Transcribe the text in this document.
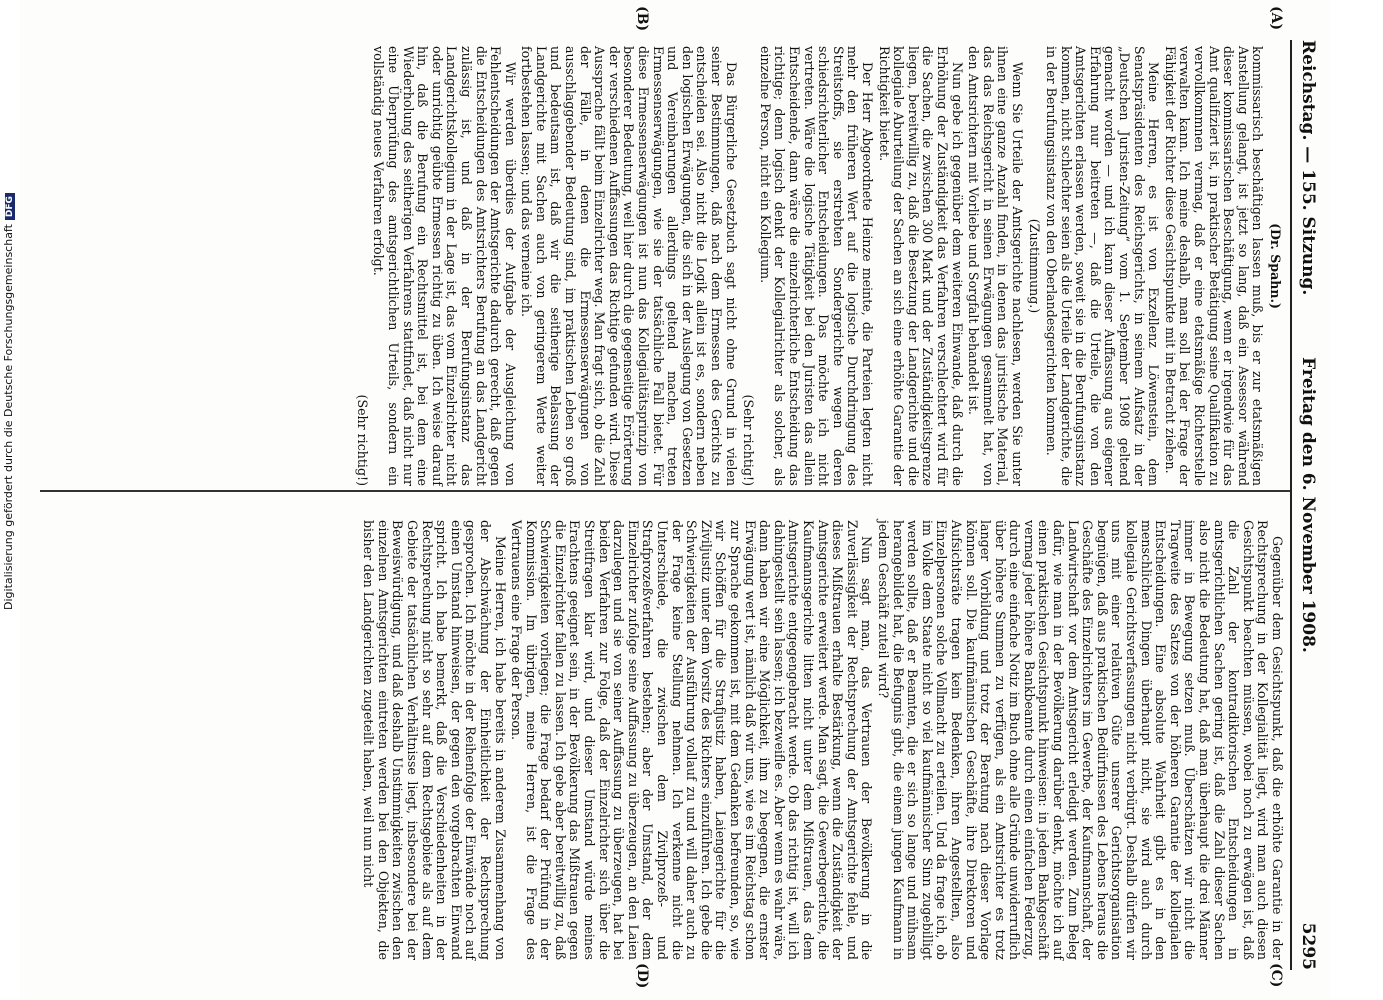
Reichstag. — 155. Sitzung.
Freitag den 6. November 1908.
5295
(A)
(B)
(C)
(D)

(Dr. Spahn.)

kommissarisch beschäftigen lassen muß, bis er zur etatsmäßigen Anstellung gelangt, ist jetzt so lang, daß ein Assessor während dieser kommissarischen Beschäftigung, wenn er irgendwie für das Amt qualifiziert ist, in praktischer Betätigung seine Qualifikation zu vervollkommnen vermag, daß er eine etatsmäßige Richterstelle verwalten kann. Ich meine deshalb, man soll bei der Frage der Fähigkeit der Richter diese Gesichtspunkte mit in Betracht ziehen.

Meine Herren, es ist von Exzellenz Löwenstein, dem Senatspräsidenten des Reichsgerichts, in seinem Aufsatz in der „Deutschen Juristen-Zeitung“ vom 1. September 1908 geltend gemacht worden — und ich kann dieser Auffassung aus eigener Erfahrung nur beitreten —, daß die Urteile, die von den Amtsgerichten erlassen werden, soweit sie in die Berufungsinstanz kommen, nicht schlechter seien als die Urteile der Landgerichte, die in der Berufungsinstanz von den Oberlandesgerichten kommen.

(Zustimmung.)

Wenn Sie Urteile der Amtsgerichte nachlesen, werden Sie unter ihnen eine ganze Anzahl finden, in denen das juristische Material, das das Reichsgericht in seinen Erwägungen gesammelt hat, von den Amtsrichtern mit Vorliebe und Sorgfalt behandelt ist.

Nun gebe ich gegenüber dem weiteren Einwande, daß durch die Erhöhung der Zuständigkeit das Verfahren verschlechtert wird für die Sachen, die zwischen 300 Mark und der Zuständigkeitsgrenze liegen, bereitwillig zu, daß die Besetzung der Landgerichte und die kollegiale Aburteilung der Sachen an sich eine erhöhte Garantie der Richtigkeit bietet.

Der Herr Abgeordnete Heinze meinte, die Parteien legten nicht mehr den früheren Wert auf die logische Durchdringung des Streitstoffs, sie erstrebten Sondergerichte wegen deren schiedsrichterlicher Entscheidungen. Das möchte ich nicht vertreten. Wäre die logische Tätigkeit bei den Juristen das allein Entscheidende, dann wäre die einzelrichterliche Entscheidung das richtige; denn logisch denkt der Kollegialrichter als solcher, als einzelne Person, nicht ein Kollegium.

(Sehr richtig!)

Das Bürgerliche Gesetzbuch sagt nicht ohne Grund in vielen seiner Bestimmungen, daß nach dem Ermessen des Gerichts zu entscheiden sei. Also nicht die Logik allein ist es, sondern neben den logischen Erwägungen, die sich in der Auslegung von Gesetzen und Vereinbarungen allerdings geltend machen, treten Ermessenserwägungen, wie sie der tatsächliche Fall bietet. Für diese Ermessenserwägungen ist nun das Kollegialitätsprinzip von besonderer Bedeutung, weil hier durch die gegenseitige Erörterung der verschiedenen Auffassungen das Richtige gefunden wird. Diese Aussprache fällt beim Einzelrichter weg. Man fragt sich, ob die Zahl der Fälle, in denen die Ermessenserwägungen von ausschlaggebender Bedeutung sind, im praktischen Leben so groß und bedeutsam ist, daß wir die seitherige Belassung der Landgerichte mit Sachen auch von geringerem Werte weiter fortbestehen lassen; und das verneine ich.

Wir werden überdies der Aufgabe der Ausgleichung von Fehlentscheidungen der Amtsgerichte dadurch gerecht, daß gegen die Entscheidungen des Amtsrichters Berufung an das Landgericht zulässig ist, und daß in der Berufungsinstanz das Landgerichtskollegium in der Lage ist, das vom Einzelrichter nicht oder unrichtig geübte Ermessen richtig zu üben. Ich weise darauf hin, daß die Berufung ein Rechtsmittel ist, bei dem eine Wiederholung des seitherigen Verfahrens stattfindet, daß nicht nur eine Überprüfung des amtsgerichtlichen Urteils, sondern ein vollständig neues Verfahren erfolgt.

(Sehr richtig!)

Gegenüber dem Gesichtspunkt, daß die erhöhte Garantie in der Rechtsprechung in der Kollegialität liegt, wird man auch diesen Gesichtspunkt beachten müssen, wobei noch zu erwägen ist, daß die Zahl der kontradiktorischen Entscheidungen in amtsgerichtlichen Sachen gering ist, daß die Zahl dieser Sachen also nicht die Bedeutung hat, daß man überhaupt die drei Männer immer in Bewegung setzen muß. Überschätzen wir nicht die Tragweite des Satzes von der höheren Garantie der kollegialen Entscheidungen. Eine absolute Wahrheit gibt es in den menschlichen Dingen überhaupt nicht, sie wird auch durch kollegiale Gerichtsverfassungen nicht verbürgt. Deshalb dürfen wir uns mit einer relativen Güte unserer Gerichtsorganisation begnügen, daß aus praktischen Bedürfnissen des Lebens heraus die Geschäfte des Einzelrichters im Gewerbe, der Kaufmannschaft, der Landwirtschaft vor dem Amtsgericht erledigt werden. Zum Beleg dafür, wie man in der Bevölkerung darüber denkt, möchte ich auf einen praktischen Gesichtspunkt hinweisen: in jedem Bankgeschäft vermag jeder höhere Bankbeamte durch einen einfachen Federzug, durch eine einfache Notiz im Buch ohne alle Gründe unwiderruflich über höhere Summen zu verfügen, als ein Amtsrichter es trotz langer Vorbildung und trotz der Beratung nach dieser Vorlage können soll. Die kaufmännischen Geschäfte, ihre Direktoren und Aufsichtsräte tragen kein Bedenken, ihren Angestellten, also Einzelpersonen solche Vollmacht zu erteilen. Und da frage ich, ob im Volke dem Staate nicht so viel kaufmännischer Sinn zugebilligt werden sollte, daß er Beamten, die er sich so lange und mühsam herangebildet hat, die Befugnis gibt, die einem jungen Kaufmann in jedem Geschäft zuteil wird?

Nun sagt man, das Vertrauen der Bevölkerung in die Zuverlässigkeit der Rechtsprechung der Amtsgerichte fehle, und dieses Mißtrauen erhalte Bestärkung, wenn die Zuständigkeit der Amtsgerichte erweitert werde. Man sagt, die Gewerbegerichte, die Kaufmannsgerichte litten nicht unter dem Mißtrauen, das dem Amtsgerichte entgegengebracht werde. Ob das richtig ist, will ich dahingestellt sein lassen; ich bezweifle es. Aber wenn es wahr wäre, dann haben wir eine Möglichkeit, ihm zu begegnen, die ernster Erwägung wert ist, nämlich daß wir uns, wie es im Reichstag schon zur Sprache gekommen ist, mit dem Gedanken befreunden, so, wie wir Schöffen für die Strafjustiz haben, Laiengerichte für die Ziviljustiz unter dem Vorsitz des Richters einzuführen. Ich gebe die Schwierigkeiten der Ausführung vollauf zu und will daher auch zu der Frage keine Stellung nehmen. Ich verkenne nicht die Unterschiede, die zwischen dem Zivilprozeß- und Strafprozeßverfahren bestehen; aber der Umstand, der dem Einzelrichter zufolge seine Auffassung zu überzeugen, an den Laien darzulegen und sie von seiner Auffassung zu überzeugen, hat bei beiden Verfahren zur Folge, daß der Einzelrichter sich über die Streitfragen klar wird, und dieser Umstand würde meines Erachtens geeignet sein, in der Bevölkerung das Mißtrauen gegen die Einzelrichter fallen zu lassen. Ich gebe aber bereitwillig zu, daß Schwierigkeiten vorliegen; die Frage bedarf der Prüfung in der Kommission. Im übrigen, meine Herren, ist die Frage des Vertrauens eine Frage der Person.

Meine Herren, ich habe bereits in anderem Zusammenhang von der Abschwächung der Einheitlichkeit der Rechtsprechung gesprochen. Ich möchte in der Reihenfolge der Einwände noch auf einen Umstand hinweisen, der gegen den vorgebrachten Einwand spricht. Ich habe bemerkt, daß die Verschiedenheiten in der Rechtsprechung nicht so sehr auf dem Rechtsgebiete als auf dem Gebiete der tatsächlichen Verhältnisse liegt, insbesondere bei der Beweiswürdigung, und daß deshalb Unstimmigkeiten zwischen den einzelnen Amtsgerichten eintreten werden bei den Objekten, die bisher den Landgerichten zugeteilt haben, weil nun nicht

Digitalisierung gefördert durch die Deutsche ForschungsgemeinschaftDFG
